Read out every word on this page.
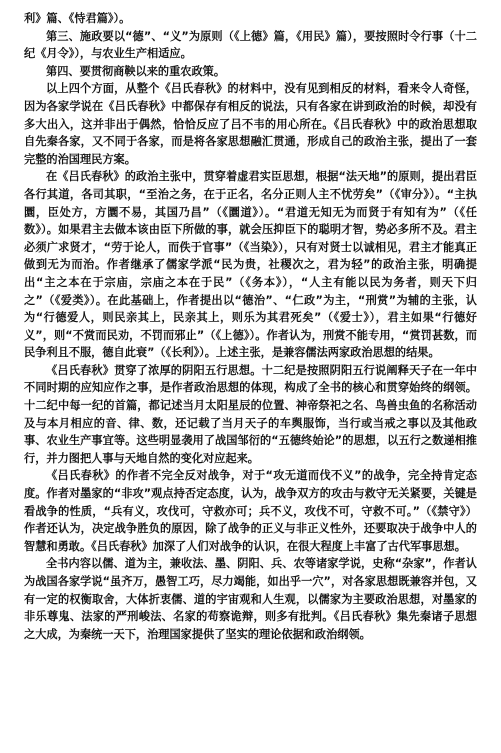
利》篇、《恃君篇》）。

第三、施政要以“德”、“义”为原则（《上德》篇，《用民》篇），要按照时令行事（十二纪《月令》），与农业生产相适应。

第四、要贯彻商鞅以来的重农政策。

以上四个方面，从整个《吕氏春秋》的材料中，没有见到相反的材料，看来令人奇怪，因为各家学说在《吕氏春秋》中都保存有相反的说法，只有各家在讲到政治的时候，却没有多大出入，这并非出于偶然，恰恰反应了吕不韦的用心所在。《吕氏春秋》中的政治思想取自先秦各家，又不同于各家，而是将各家思想融汇贯通，形成自己的政治主张，提出了一套完整的治国理民方案。

在《吕氏春秋》的政治主张中，贯穿着虚君实臣思想，根据“法天地”的原则，提出君臣各行其道，各司其职，“至治之务，在于正名，名分正则人主不忧劳矣”（《审分》）。“主执圜，臣处方，方圜不易，其国乃昌”（《圜道》）。“君道无知无为而贤于有知有为”（《任数》）。如果君主去做本该由臣下所做的事，就会压抑臣下的聪明才智，势必多所不及。君主必须广求贤才，“劳于论人，而佚于官事”（《当染》），只有对贤士以诚相见，君主才能真正做到无为而治。作者继承了儒家学派“民为贵，社稷次之，君为轻”的政治主张，明确提出“主之本在于宗庙，宗庙之本在于民”（《务本》），“人主有能以民为务者，则天下归之”（《爱类》）。在此基础上，作者提出以“德治”、“仁政”为主，“刑赏”为辅的主张，认为“行德爱人，则民亲其上，民亲其上，则乐为其君死矣”（《爱士》），君主如果“行德好义”，则“不赏而民劝，不罚而邪止”（《上德》）。作者认为，刑赏不能专用，“赏罚甚数，而民争利且不服，德自此衰”（《长利》）。上述主张，是兼容儒法两家政治思想的结果。

《吕氏春秋》贯穿了浓厚的阴阳五行思想。十二纪是按照阴阳五行说阐释天子在一年中不同时期的应知应作之事，是作者政治思想的体现，构成了全书的核心和贯穿始终的纲领。十二纪中每一纪的首篇，都记述当月太阳星辰的位置、神帝祭祀之名、鸟兽虫鱼的名称活动及与本月相应的音、律、数，还记载了当月天子的车舆服饰，当行或当戒之事以及其他政事、农业生产事宜等。这些明显袭用了战国邹衍的“五德终始论”的思想，以五行之数递相推行，并力图把人事与天地自然的变化对应起来。

《吕氏春秋》的作者不完全反对战争，对于“攻无道而伐不义”的战争，完全持肯定态度。作者对墨家的“非攻”观点持否定态度，认为，战争双方的攻击与救守无关紧要，关键是看战争的性质，“兵有义，攻伐可，守救亦可；兵不义，攻伐不可，守救不可。”（《禁守》）作者还认为，决定战争胜负的原因，除了战争的正义与非正义性外，还要取决于战争中人的智慧和勇敢。《吕氏春秋》加深了人们对战争的认识，在很大程度上丰富了古代军事思想。

全书内容以儒、道为主，兼收法、墨、阴阳、兵、农等诸家学说，史称“杂家”，作者认为战国各家学说“虽齐万，愚智工巧，尽力竭能，如出乎一穴”，对各家思想既兼容并包，又有一定的权衡取舍，大体折衷儒、道的宇宙观和人生观，以儒家为主要政治思想，对墨家的非乐尊鬼、法家的严刑峻法、名家的苟察诡辩，则多有批判。《吕氏春秋》集先秦诸子思想之大成，为秦统一天下，治理国家提供了坚实的理论依据和政治纲领。
